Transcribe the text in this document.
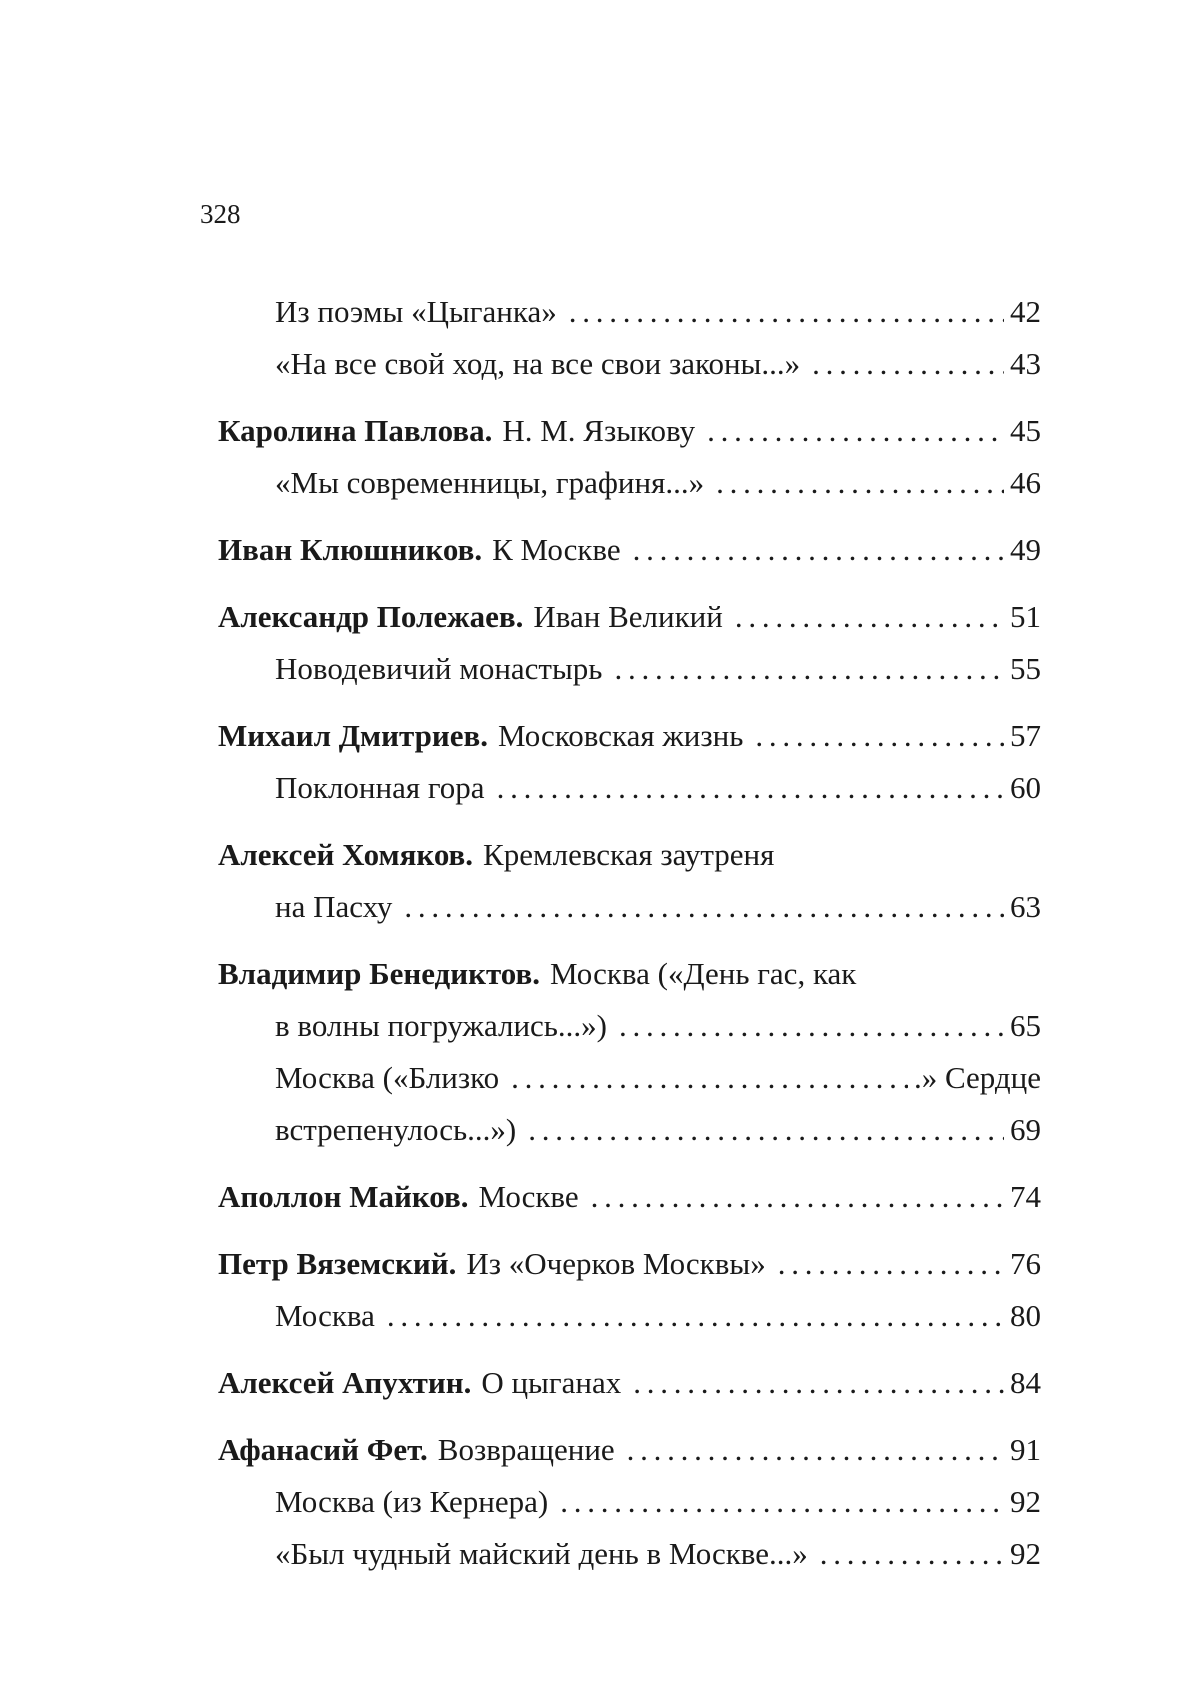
328
Из поэмы «Цыганка» . . .	42
«На все свой ход, на все свои законы...» . . .	43
Каролина Павлова. Н. М. Языкову . . .	45
«Мы современницы, графиня...» . . .	46
Иван Клюшников. К Москве . . .	49
Александр Полежаев. Иван Великий . . .	51
Новодевичий монастырь . . .	55
Михаил Дмитриев. Московская жизнь . . .	57
Поклонная гора . . .	60
Алексей Хомяков. Кремлевская заутреня
на Пасху . . .	63
Владимир Бенедиктов. Москва («День гас, как
в волны погружались...») . . .	65
Москва («Близко . . .	.» Сердце
встрепенулось...») . . .	69
Аполлон Майков. Москве . . .	74
Петр Вяземский. Из «Очерков Москвы» . . .	76
Москва . . .	80
Алексей Апухтин. О цыганах . . .	84
Афанасий Фет. Возвращение . . .	91
Москва (из Кернера) . . .	92
«Был чудный майский день в Москве...» . . .	92
